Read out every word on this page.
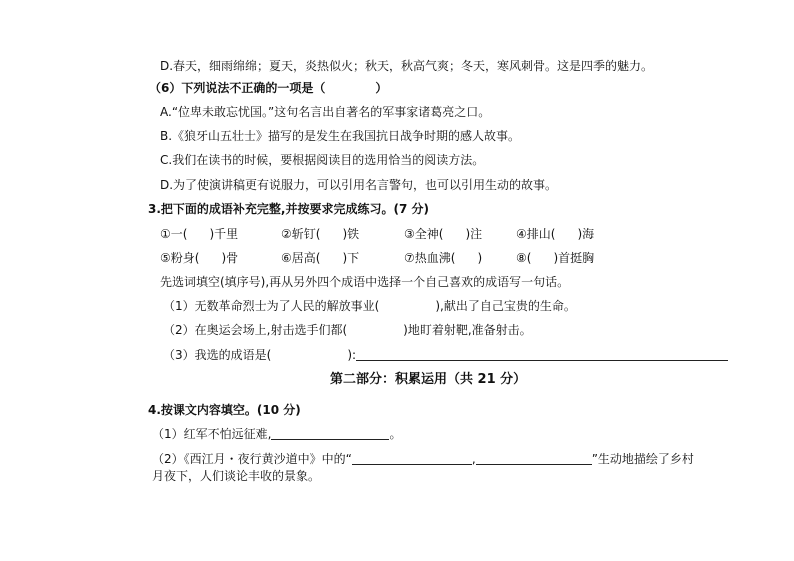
D.春天，细雨绵绵；夏天，炎热似火；秋天，秋高气爽；冬天，寒风刺骨。这是四季的魅力。
（6）下列说法不正确的一项是（	）
A.“位卑未敢忘忧国。”这句名言出自著名的军事家诸葛亮之口。
B.《狼牙山五壮士》描写的是发生在我国抗日战争时期的感人故事。
C.我们在读书的时候，要根据阅读目的选用恰当的阅读方法。
D.为了使演讲稿更有说服力，可以引用名言警句，也可以引用生动的故事。
3.把下面的成语补充完整,并按要求完成练习。(7 分)
①一( )千里	②斩钉( )铁	③全神( )注	④排山( )海
⑤粉身( )骨	⑥居高( )下	⑦热血沸( )	⑧( )首挺胸
先选词填空(填序号),再从另外四个成语中选择一个自己喜欢的成语写一句话。
（1）无数革命烈士为了人民的解放事业(	),献出了自己宝贵的生命。
（2）在奥运会场上,射击选手们都(	)地盯着射靶,准备射击。
（3）我选的成语是(	):
第二部分：积累运用（共 21 分）
4.按课文内容填空。(10 分)
（1）红军不怕远征难,	。
（2）《西江月・夜行黄沙道中》中的“	,	”生动地描绘了乡村
月夜下，人们谈论丰收的景象。
